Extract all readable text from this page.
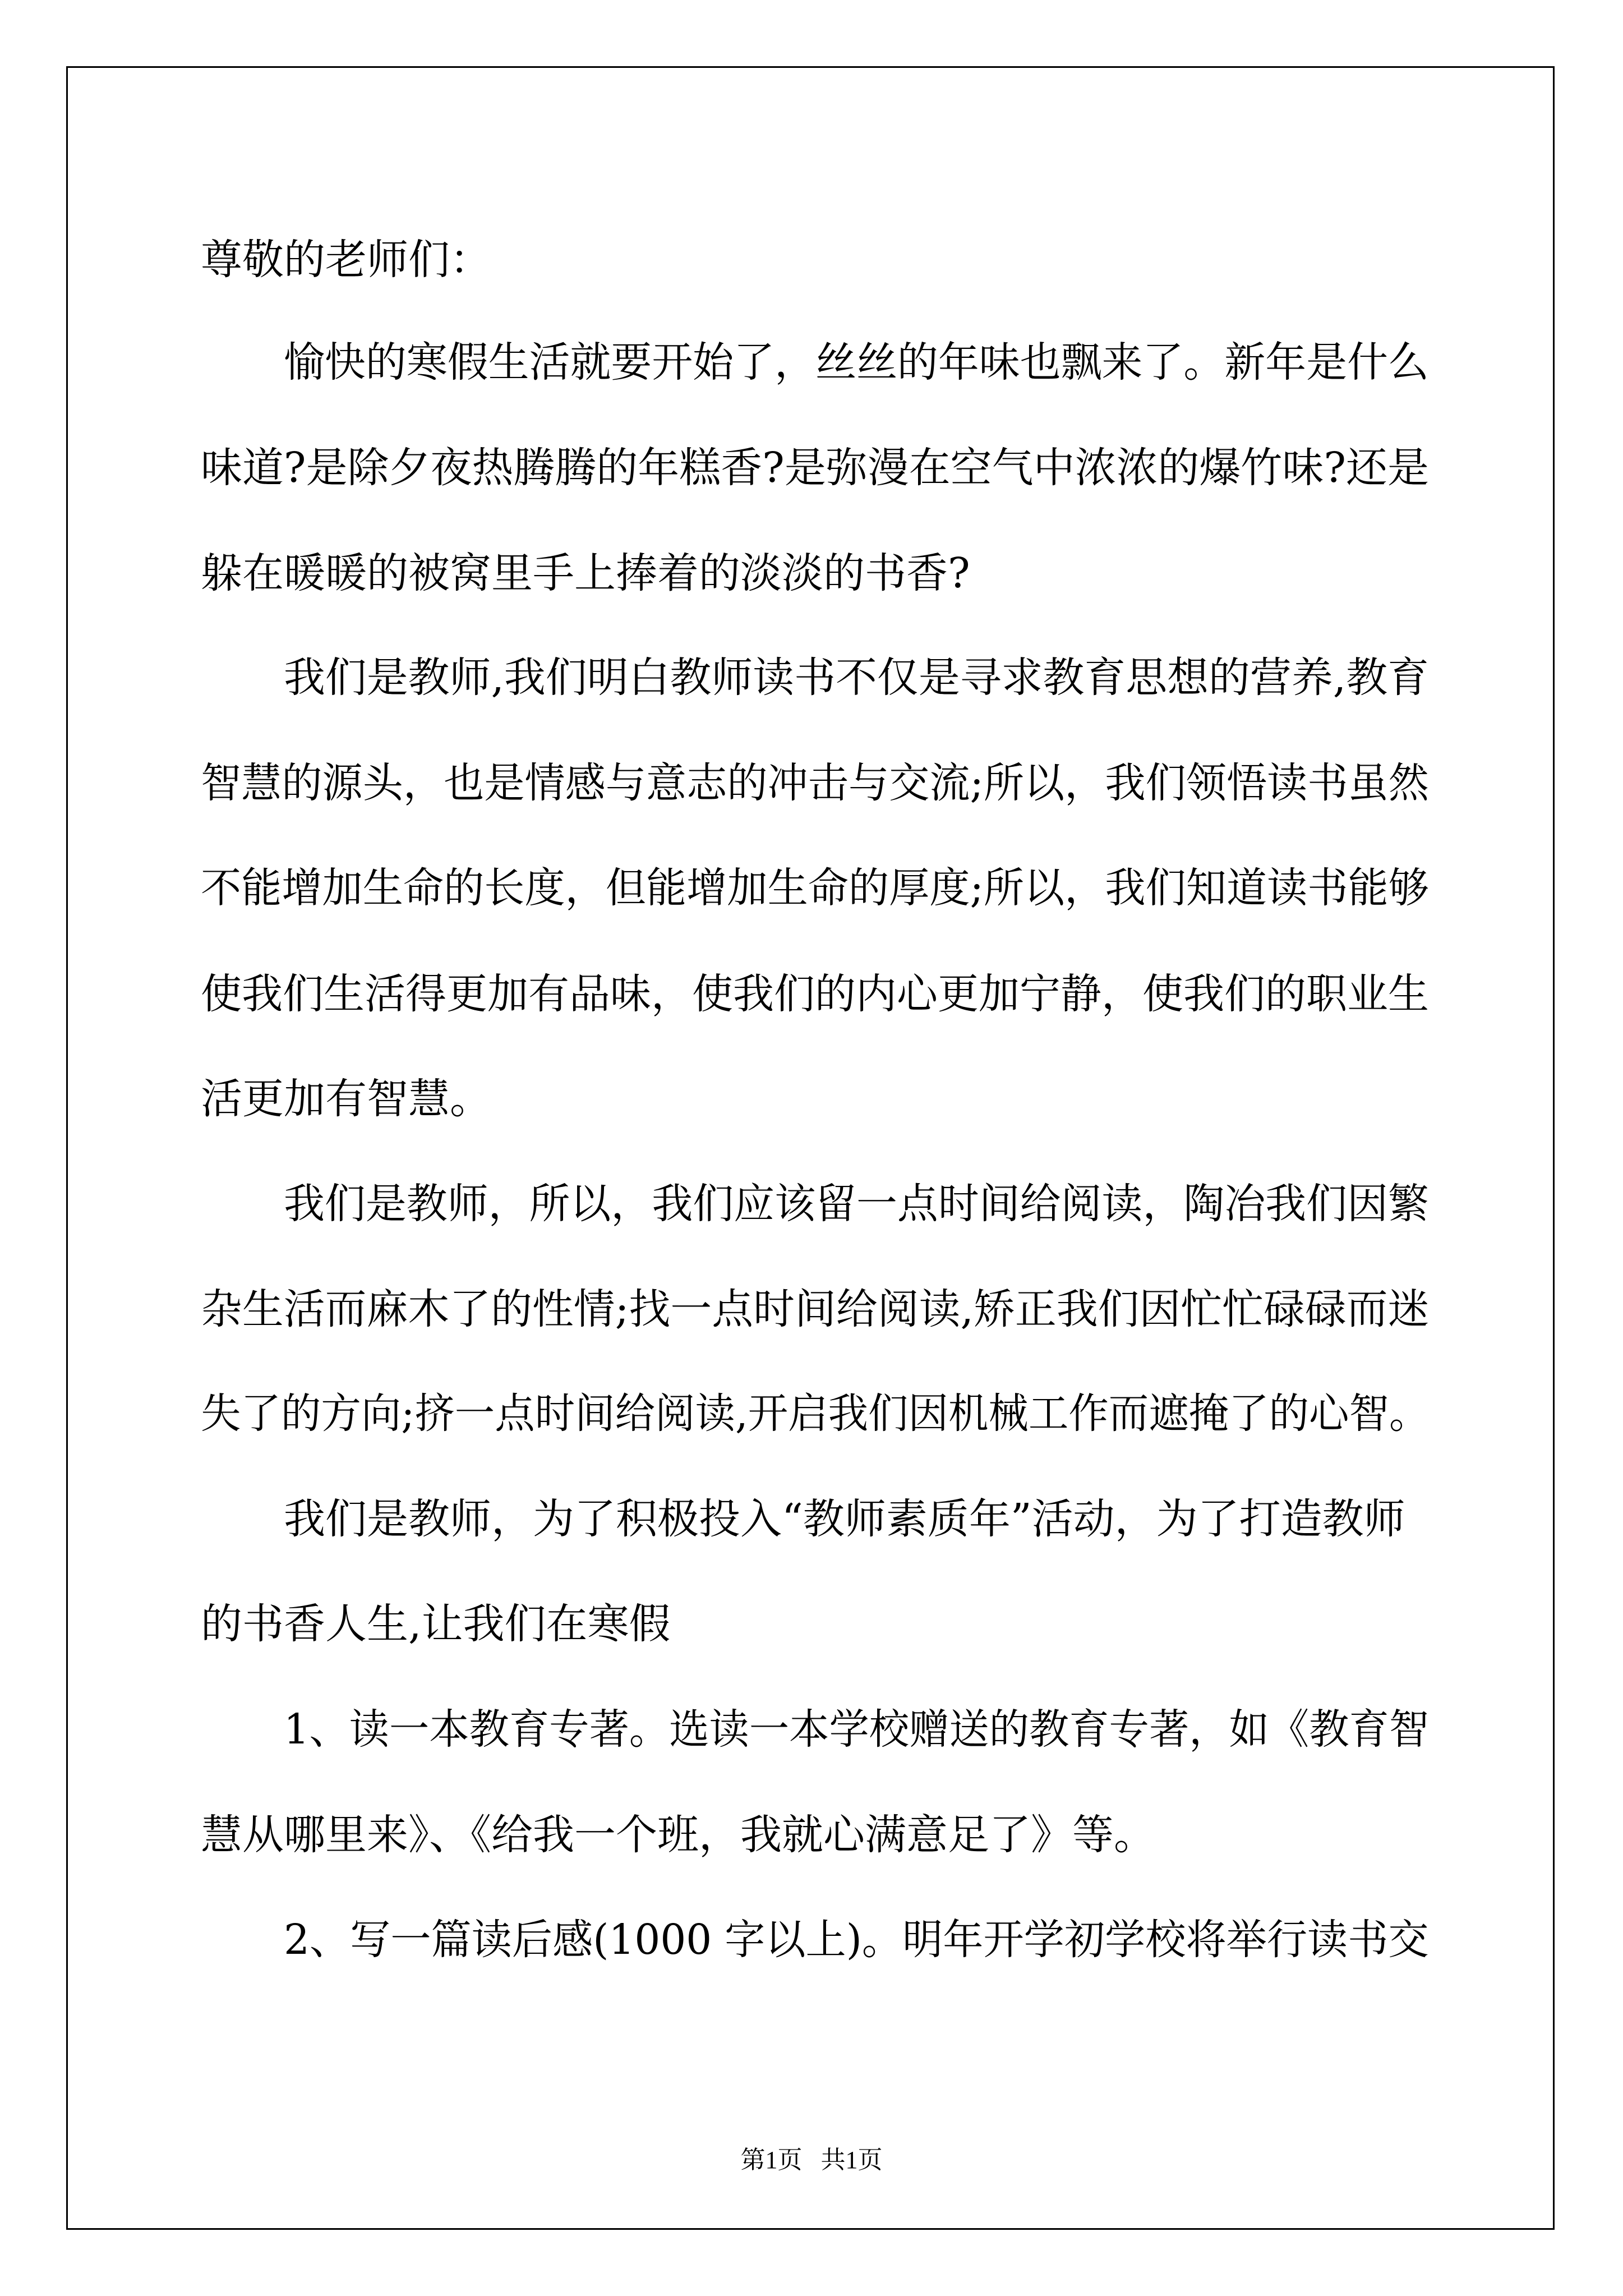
尊敬的老师们：
愉快的寒假生活就要开始了，丝丝的年味也飘来了。新年是什么
味道?是除夕夜热腾腾的年糕香?是弥漫在空气中浓浓的爆竹味?还是
躲在暖暖的被窝里手上捧着的淡淡的书香?
我们是教师,我们明白教师读书不仅是寻求教育思想的营养,教育
智慧的源头，也是情感与意志的冲击与交流;所以，我们领悟读书虽然
不能增加生命的长度，但能增加生命的厚度;所以，我们知道读书能够
使我们生活得更加有品味，使我们的内心更加宁静，使我们的职业生
活更加有智慧。
我们是教师，所以，我们应该留一点时间给阅读，陶冶我们因繁
杂生活而麻木了的性情;找一点时间给阅读,矫正我们因忙忙碌碌而迷
失了的方向;挤一点时间给阅读,开启我们因机械工作而遮掩了的心智。
我们是教师，为了积极投入“教师素质年”活动，为了打造教师
的书香人生,让我们在寒假
1、读一本教育专著。选读一本学校赠送的教育专著，如《教育智
慧从哪里来》、《给我一个班，我就心满意足了》等。
2、写一篇读后感(1000 字以上)。明年开学初学校将举行读书交
第1页   共1页
